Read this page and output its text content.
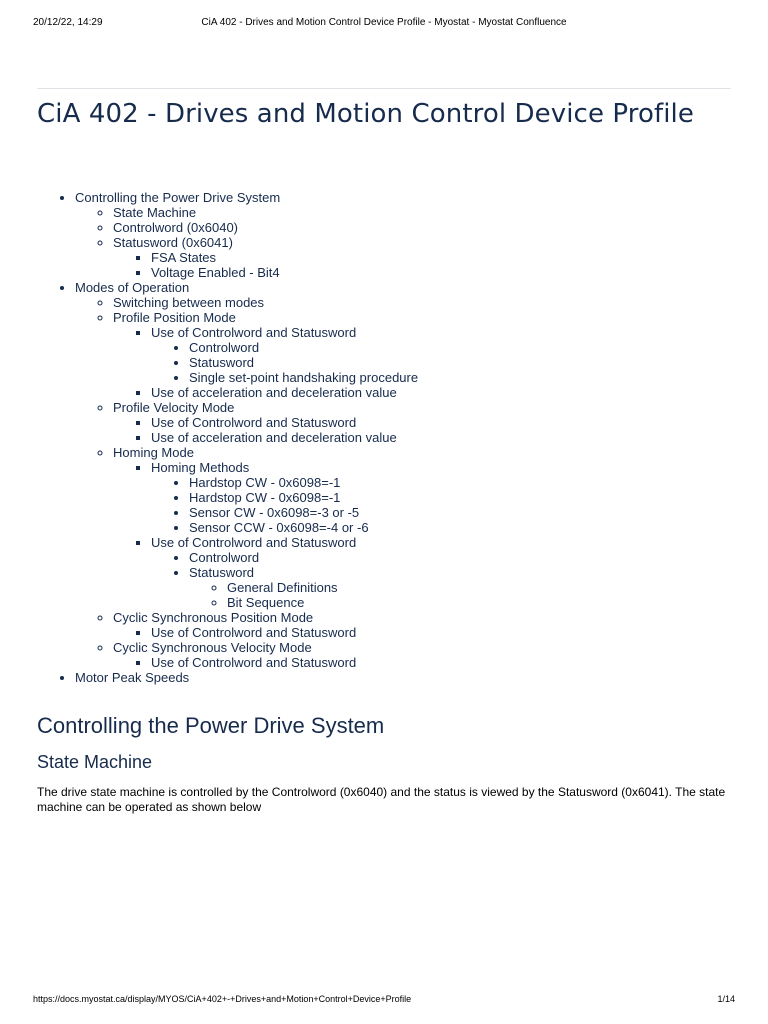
20/12/22, 14:29	CiA 402 - Drives and Motion Control Device Profile - Myostat - Myostat Confluence
CiA 402 - Drives and Motion Control Device Profile
• Controlling the Power Drive System
◦ State Machine
◦ Controlword (0x6040)
◦ Statusword (0x6041)
▪ FSA States
▪ Voltage Enabled - Bit4
• Modes of Operation
◦ Switching between modes
◦ Profile Position Mode
▪ Use of Controlword and Statusword
• Controlword
• Statusword
• Single set-point handshaking procedure
▪ Use of acceleration and deceleration value
◦ Profile Velocity Mode
▪ Use of Controlword and Statusword
▪ Use of acceleration and deceleration value
◦ Homing Mode
▪ Homing Methods
• Hardstop CW - 0x6098=-1
• Hardstop CW - 0x6098=-1
• Sensor CW - 0x6098=-3 or -5
• Sensor CCW - 0x6098=-4 or -6
▪ Use of Controlword and Statusword
• Controlword
• Statusword
◦ General Definitions
◦ Bit Sequence
◦ Cyclic Synchronous Position Mode
▪ Use of Controlword and Statusword
◦ Cyclic Synchronous Velocity Mode
▪ Use of Controlword and Statusword
• Motor Peak Speeds
Controlling the Power Drive System
State Machine

The drive state machine is controlled by the Controlword (0x6040) and the status is viewed by the Statusword (0x6041). The state machine can be operated as shown below

https://docs.myostat.ca/display/MYOS/CiA+402+-+Drives+and+Motion+Control+Device+Profile	1/14
